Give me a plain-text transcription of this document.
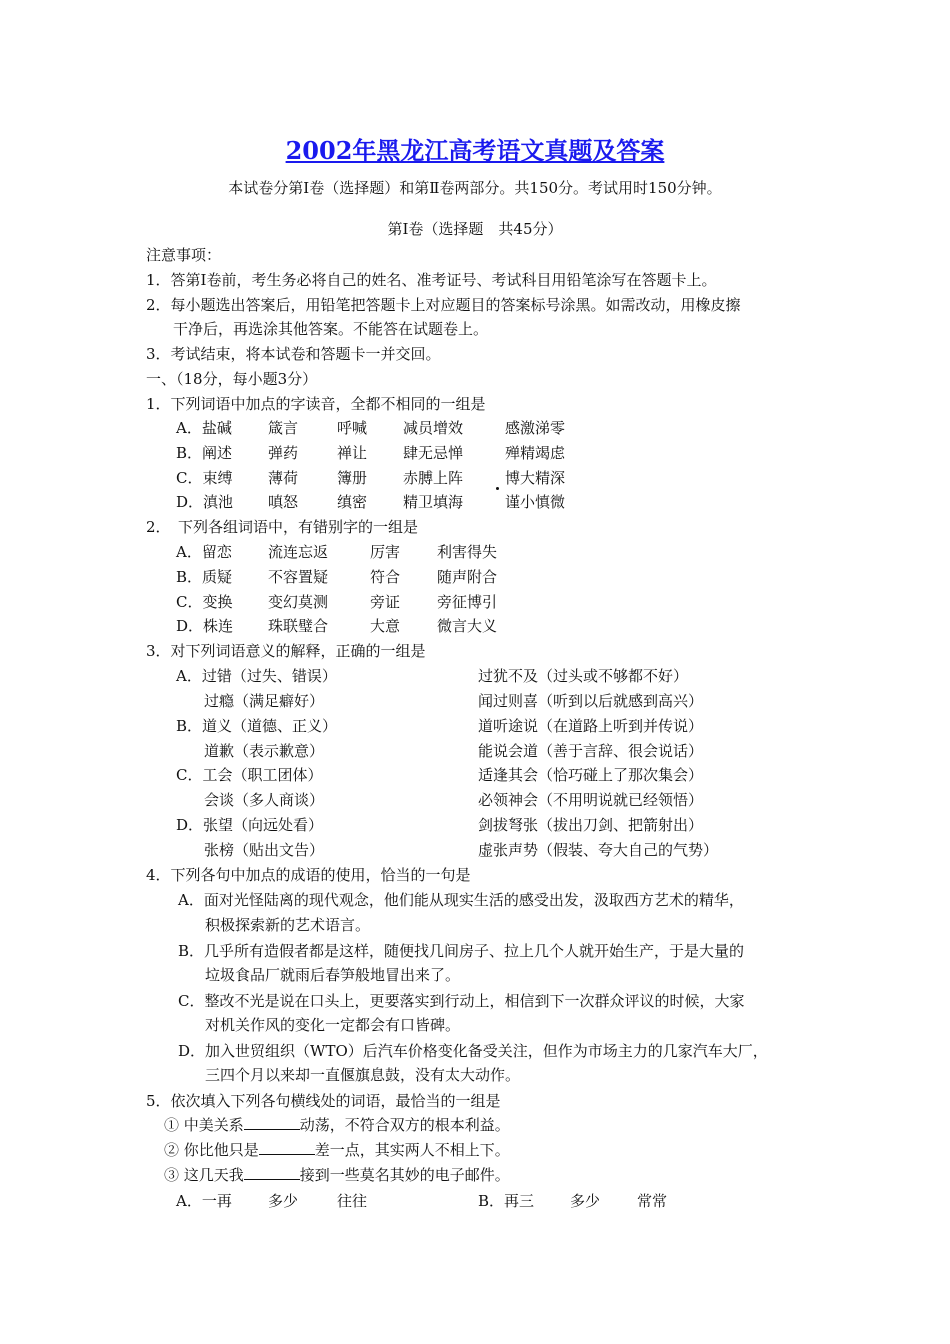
2002年黑龙江高考语文真题及答案
本试卷分第Ⅰ卷（选择题）和第Ⅱ卷两部分。共150分。考试用时150分钟。
第Ⅰ卷（选择题　共45分）
注意事项：
1．答第Ⅰ卷前，考生务必将自己的姓名、准考证号、考试科目用铅笔涂写在答题卡上。
2．每小题选出答案后，用铅笔把答题卡上对应题目的答案标号涂黑。如需改动，用橡皮擦
干净后，再选涂其他答案。不能答在试题卷上。
3．考试结束，将本试卷和答题卡一并交回。
一、（18分，每小题3分）
1．下列词语中加点的字读音，全都不相同的一组是
A．盐碱 箴言	呼喊 减员增效	感激涕零
B．阐述 弹药	禅让 肆无忌惮	殚精竭虑
C．束缚 薄荷	簿册 赤膊上阵	博大精深
D．滇池 嗔怒	缜密 精卫填海	谨小慎微
2．　下列各组词语中，有错别字的一组是
A．留恋 流连忘返	厉害 利害得失
B．质疑 不容置疑	符合 随声附合
C．变换 变幻莫测	旁证 旁征博引
D．株连 珠联璧合	大意 微言大义
3．对下列词语意义的解释，正确的一组是
A．过错（过失、错误）	过犹不及（过头或不够都不好）
过瘾（满足癖好）	闻过则喜（听到以后就感到高兴）
B．道义（道德、正义）	道听途说（在道路上听到并传说）
道歉（表示歉意）	能说会道（善于言辞、很会说话）
C．工会（职工团体）	适逢其会（恰巧碰上了那次集会）
会谈（多人商谈）	必领神会（不用明说就已经领悟）
D．张望（向远处看）	剑拔弩张（拔出刀剑、把箭射出）
张榜（贴出文告）	虚张声势（假装、夸大自己的气势）
4．下列各句中加点的成语的使用，恰当的一句是
A．面对光怪陆离的现代观念，他们能从现实生活的感受出发，汲取西方艺术的精华，
积极探索新的艺术语言。
B．几乎所有造假者都是这样，随便找几间房子、拉上几个人就开始生产，于是大量的
垃圾食品厂就雨后春笋般地冒出来了。
C．整改不光是说在口头上，更要落实到行动上，相信到下一次群众评议的时候，大家
对机关作风的变化一定都会有口皆碑。
D．加入世贸组织（WTO）后汽车价格变化备受关注，但作为市场主力的几家汽车大厂，
三四个月以来却一直偃旗息鼓，没有太大动作。
5．依次填入下列各句横线处的词语，最恰当的一组是
① 中美关系	动荡，不符合双方的根本利益。
② 你比他只是	差一点，其实两人不相上下。
③ 这几天我	接到一些莫名其妙的电子邮件。
A．一再 多少	往往	B．再三 多少 常常
